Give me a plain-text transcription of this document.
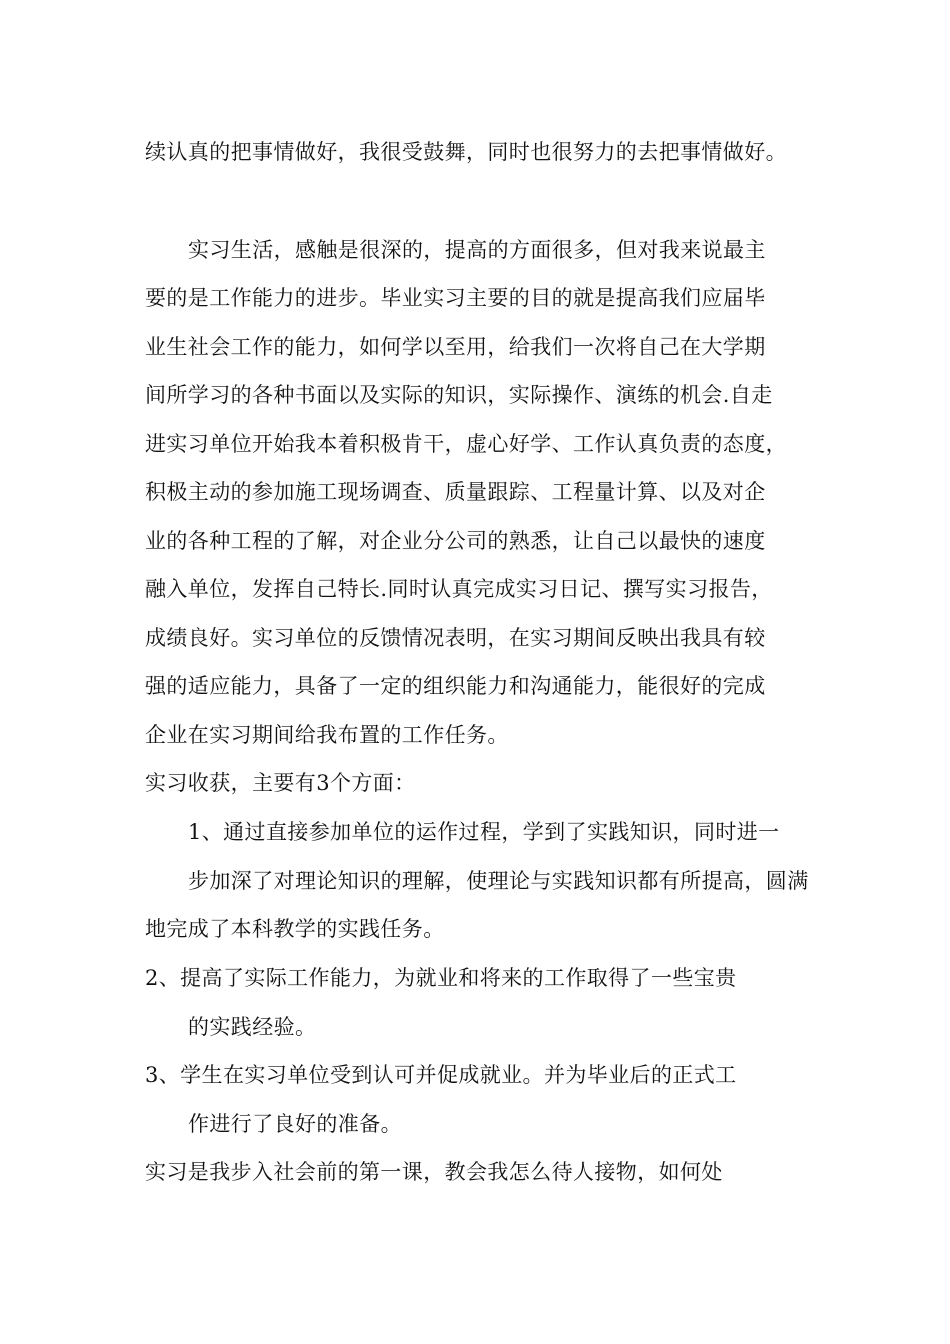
续认真的把事情做好，我很受鼓舞，同时也很努力的去把事情做好。
实习生活，感触是很深的，提高的方面很多，但对我来说最主
要的是工作能力的进步。毕业实习主要的目的就是提高我们应届毕
业生社会工作的能力，如何学以至用，给我们一次将自己在大学期
间所学习的各种书面以及实际的知识，实际操作、演练的机会.自走
进实习单位开始我本着积极肯干，虚心好学、工作认真负责的态度，
积极主动的参加施工现场调查、质量跟踪、工程量计算、以及对企
业的各种工程的了解，对企业分公司的熟悉，让自己以最快的速度
融入单位，发挥自己特长.同时认真完成实习日记、撰写实习报告，
成绩良好。实习单位的反馈情况表明，在实习期间反映出我具有较
强的适应能力，具备了一定的组织能力和沟通能力，能很好的完成
企业在实习期间给我布置的工作任务。
实习收获，主要有3个方面：
1、通过直接参加单位的运作过程，学到了实践知识，同时进一
步加深了对理论知识的理解，使理论与实践知识都有所提高，圆满
地完成了本科教学的实践任务。
2、提高了实际工作能力，为就业和将来的工作取得了一些宝贵
的实践经验。
3、学生在实习单位受到认可并促成就业。并为毕业后的正式工
作进行了良好的准备。
实习是我步入社会前的第一课，教会我怎么待人接物，如何处
